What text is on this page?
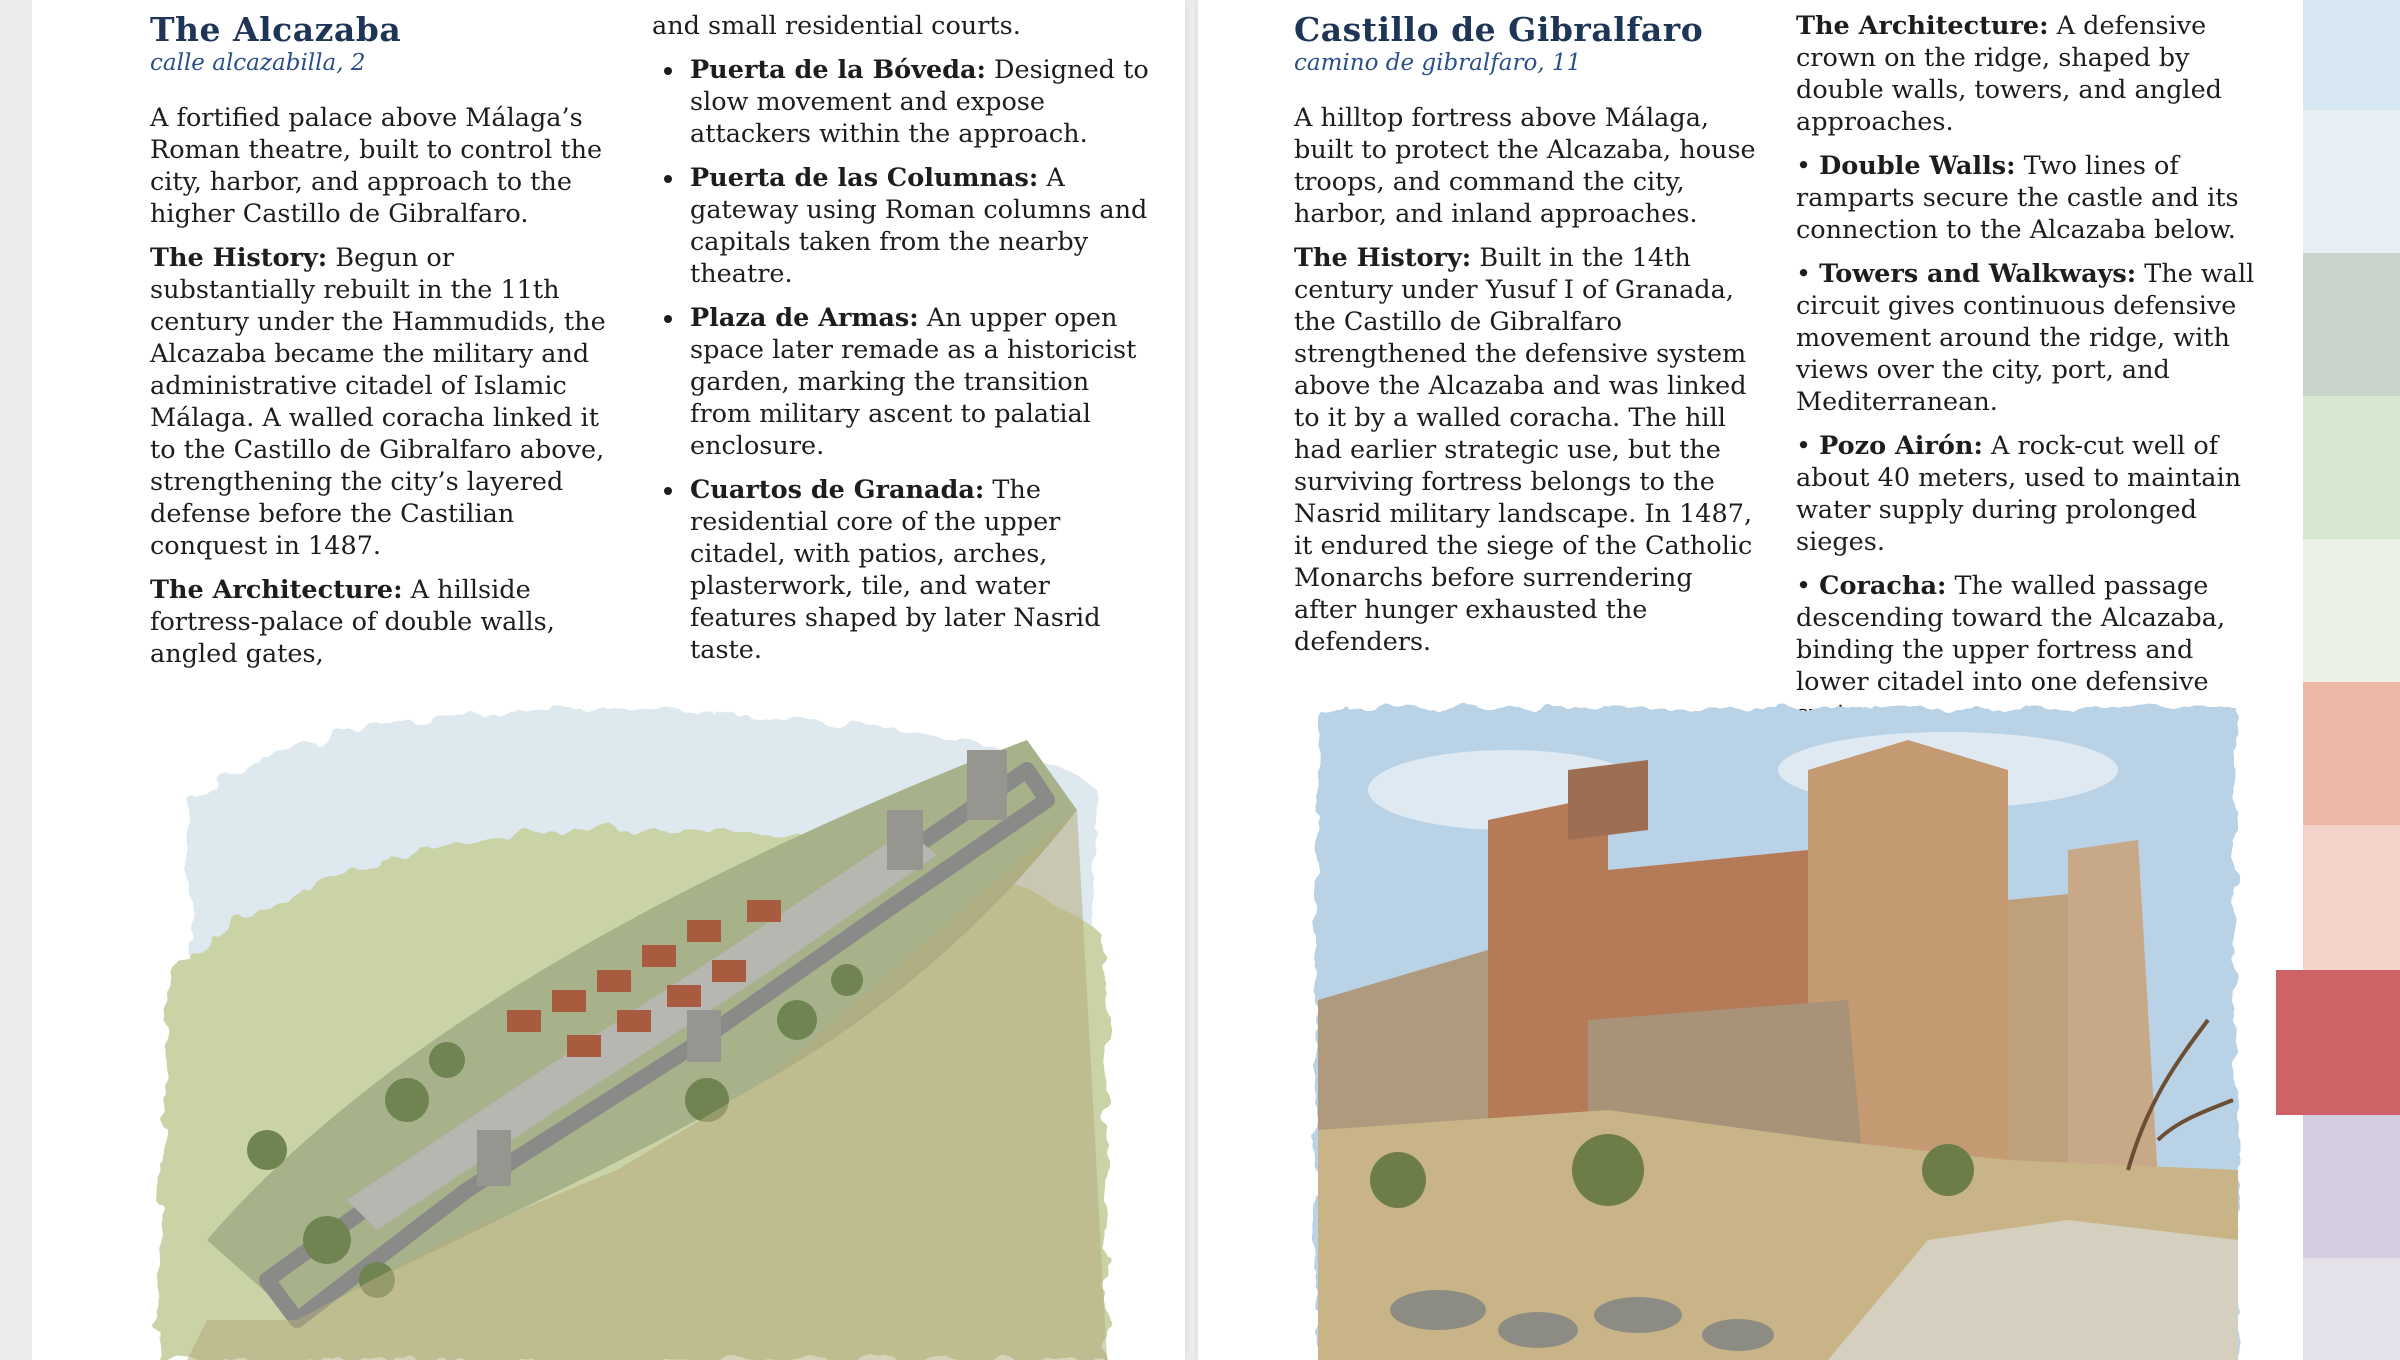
The Alcazaba
calle alcazabilla, 2

A fortified palace above Málaga’s Roman theatre, built to control the city, harbor, and approach to the higher Castillo de Gibralfaro.

The History: Begun or substantially rebuilt in the 11th century under the Hammudids, the Alcazaba became the military and administrative citadel of Islamic Málaga. A walled coracha linked it to the Castillo de Gibralfaro above, strengthening the city’s layered defense before the Castilian conquest in 1487.

The Architecture: A hillside fortress-palace of double walls, angled gates,

and small residential courts.

Puerta de la Bóveda: Designed to slow movement and expose attackers within the approach.
Puerta de las Columnas: A gateway using Roman columns and capitals taken from the nearby theatre.
Plaza de Armas: An upper open space later remade as a historicist garden, marking the transition from military ascent to palatial enclosure.
Cuartos de Granada: The residential core of the upper citadel, with patios, arches, plasterwork, tile, and water features shaped by later Nasrid taste.
Castillo de Gibralfaro
camino de gibralfaro, 11

A hilltop fortress above Málaga, built to protect the Alcazaba, house troops, and command the city, harbor, and inland approaches.

The History: Built in the 14th century under Yusuf I of Granada, the Castillo de Gibralfaro strengthened the defensive system above the Alcazaba and was linked to it by a walled coracha. The hill had earlier strategic use, but the surviving fortress belongs to the Nasrid military landscape. In 1487, it endured the siege of the Catholic Monarchs before surrendering after hunger exhausted the defenders.

The Architecture: A defensive crown on the ridge, shaped by double walls, towers, and angled approaches.

• Double Walls: Two lines of ramparts secure the castle and its connection to the Alcazaba below.

• Towers and Walkways: The wall circuit gives continuous defensive movement around the ridge, with views over the city, port, and Mediterranean.

• Pozo Airón: A rock-cut well of about 40 meters, used to maintain water supply during prolonged sieges.

• Coracha: The walled passage descending toward the Alcazaba, binding the upper fortress and lower citadel into one defensive
